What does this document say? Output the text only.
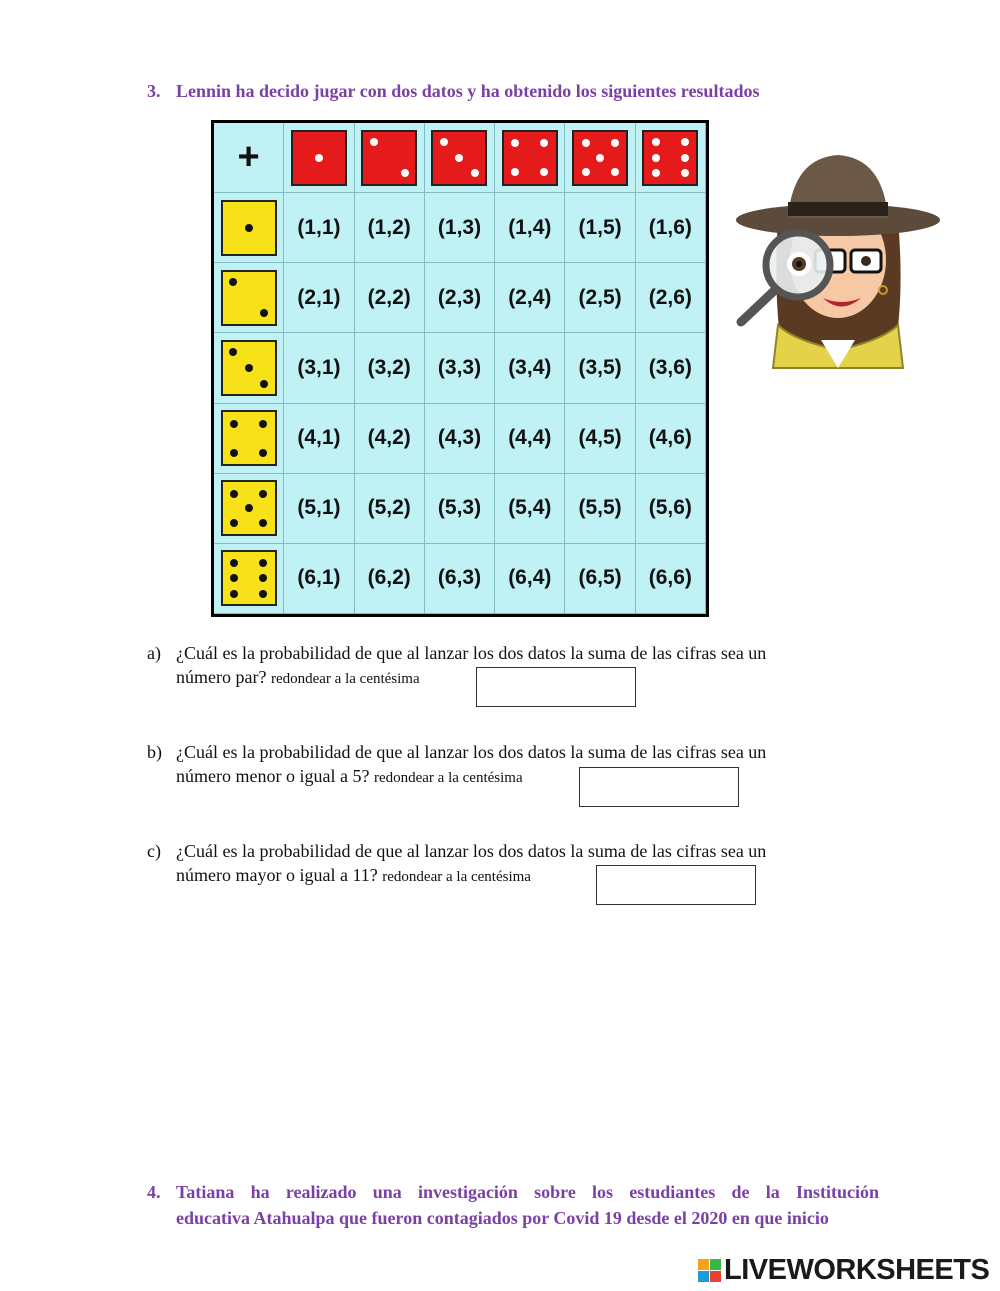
3. Lennin ha decido jugar con dos datos y ha obtenido los siguientes resultados
+
(1,1)	(1,2)	(1,3)	(1,4)	(1,5)	(1,6)
(2,1)	(2,2)	(2,3)	(2,4)	(2,5)	(2,6)
(3,1)	(3,2)	(3,3)	(3,4)	(3,5)	(3,6)
(4,1)	(4,2)	(4,3)	(4,4)	(4,5)	(4,6)
(5,1)	(5,2)	(5,3)	(5,4)	(5,5)	(5,6)
(6,1)	(6,2)	(6,3)	(6,4)	(6,5)	(6,6)
a) ¿Cuál es la probabilidad de que al lanzar los dos datos la suma de las cifras sea un
número par? redondear a la centésima
b) ¿Cuál es la probabilidad de que al lanzar los dos datos la suma de las cifras sea un
número menor o igual a 5? redondear a la centésima
c) ¿Cuál es la probabilidad de que al lanzar los dos datos la suma de las cifras sea un
número mayor o igual a 11? redondear a la centésima
4. Tatiana ha realizado una investigación sobre los estudiantes de la Institución
educativa Atahualpa que fueron contagiados por Covid 19 desde el 2020 en que inicio
LIVEWORKSHEETS
